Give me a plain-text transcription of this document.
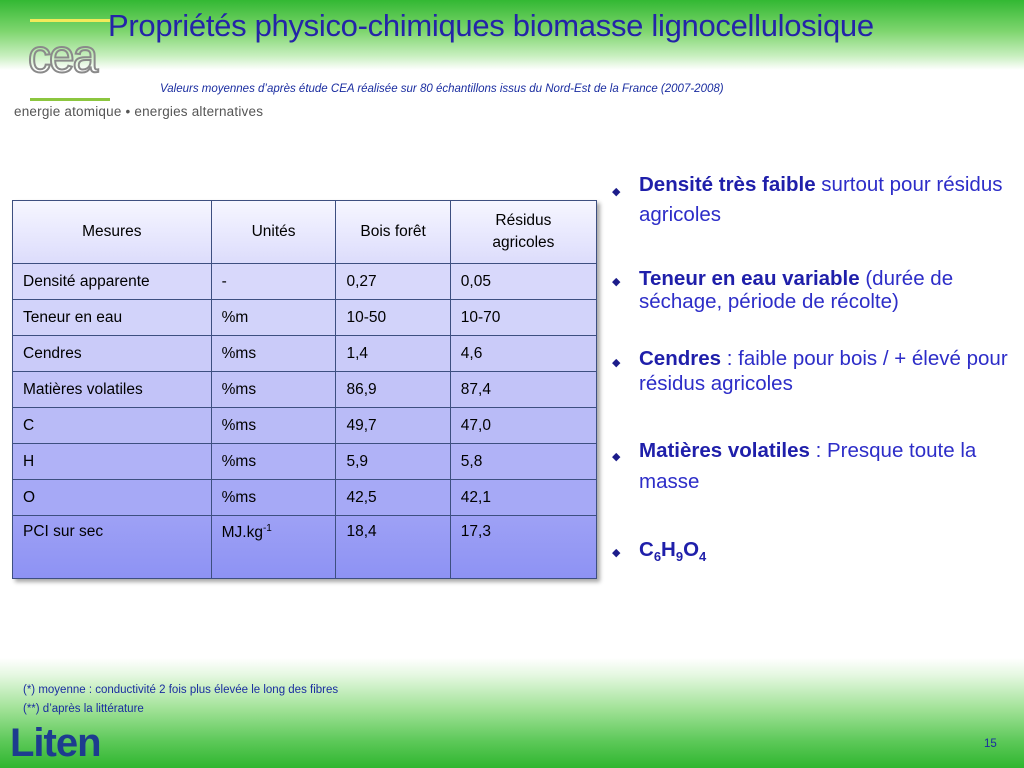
cea
energie atomique • energies alternatives
Propriétés physico-chimiques biomasse lignocellulosique
Valeurs moyennes d’après étude CEA réalisée sur 80 échantillons issus du Nord-Est de la France (2007-2008)
Mesures	Unités	Bois forêt	Résidus agricoles
Densité apparente	-	0,27	0,05
Teneur en eau	%m	10-50	10-70
Cendres	%ms	1,4	4,6
Matières volatiles	%ms	86,9	87,4
C	%ms	49,7	47,0
H	%ms	5,9	5,8
O	%ms	42,5	42,1
PCI sur sec	$MJ.kg^{-1}$	18,4	17,3
◆ Densité très faible surtout pour résidus agricoles
◆ Teneur en eau variable (durée de séchage, période de récolte)
◆ Cendres : faible pour bois / + élevé pour résidus agricoles
◆ Matières volatiles : Presque toute la masse
◆ $C_6H_9O_4$
(*) moyenne : conductivité 2 fois plus élevée le long des fibres
(**) d’après la littérature
Liten	15
